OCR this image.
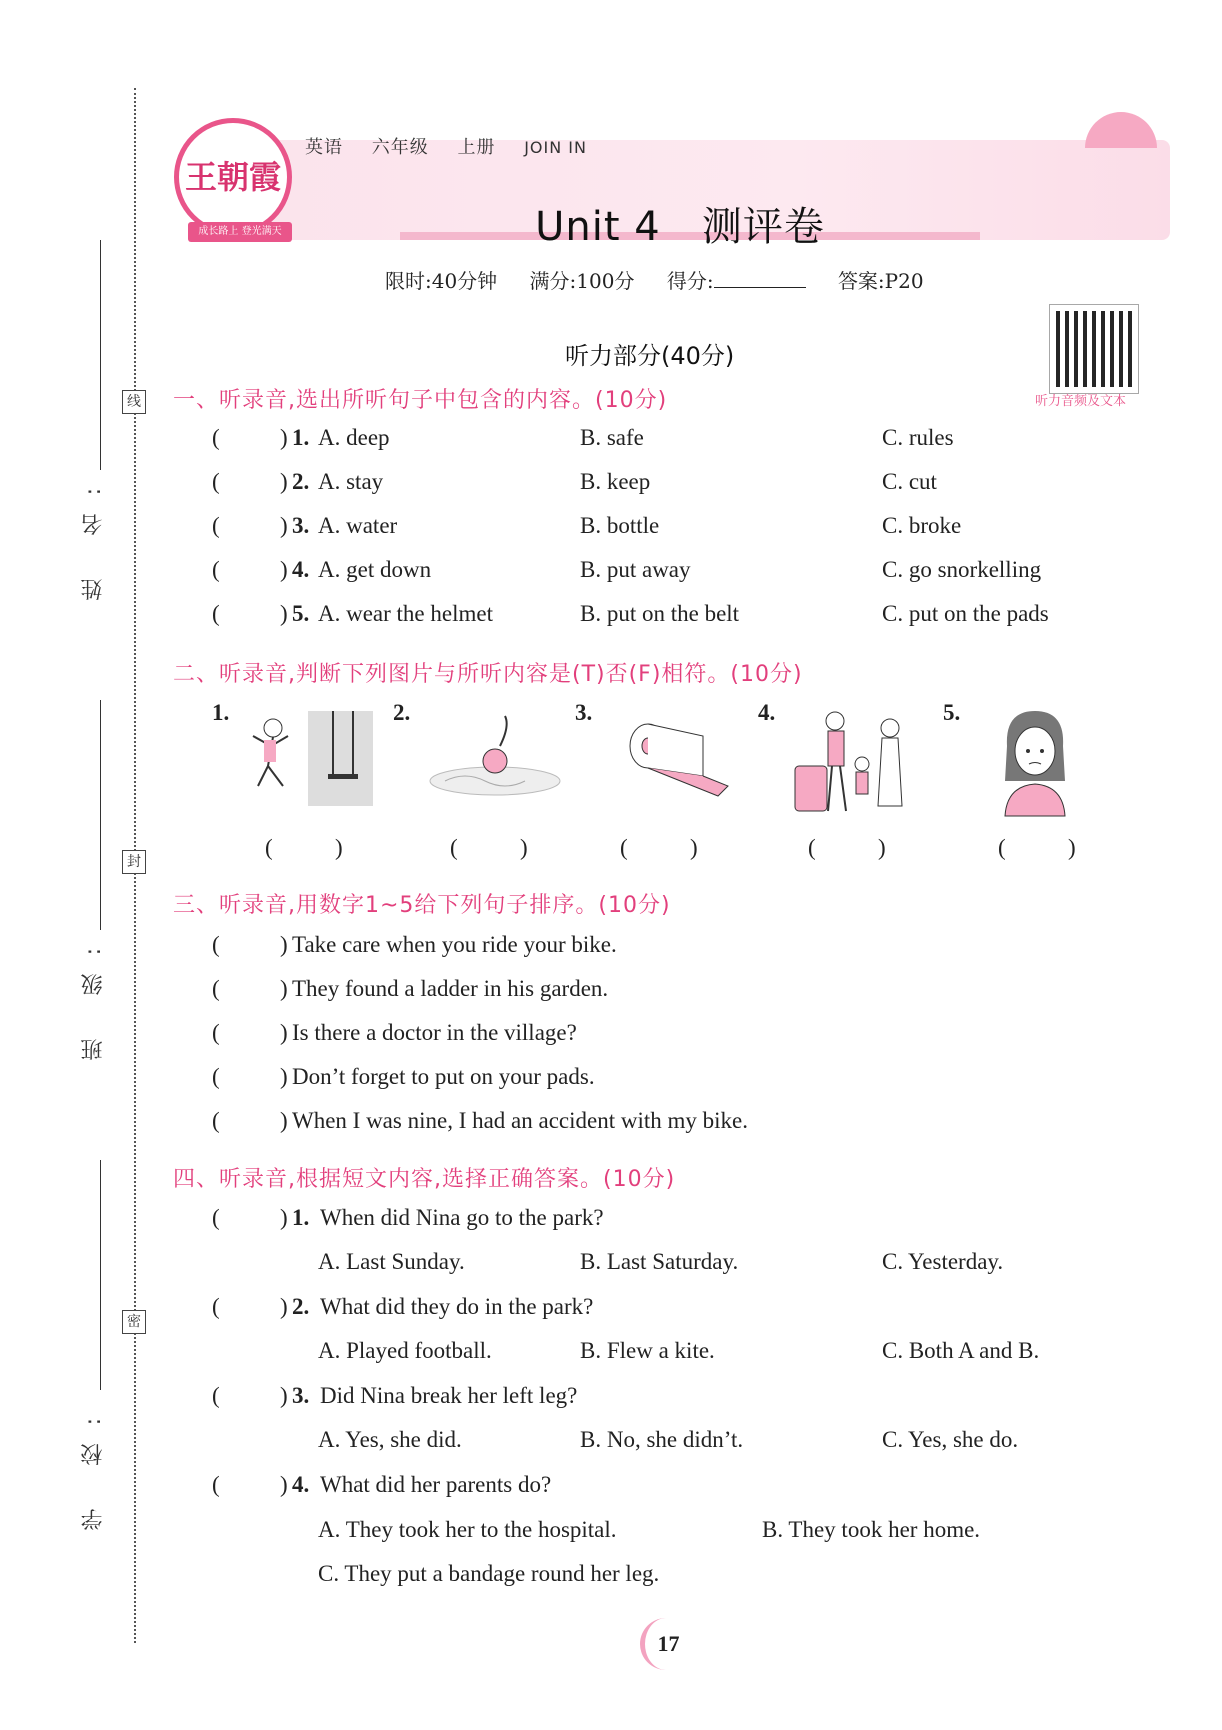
姓 名:
班 级:
学 校:
线
封
密
王朝霞
成长路上 登光满天
英语 六年级 上册 JOIN IN
Unit 4   测评卷
限时:40分钟 满分:100分 得分:	答案:P20
听力音频及文本
听力部分(40分)
一、听录音,选出所听句子中包含的内容。(10分)
(	) 1. A. deep	B. safe	C. rules
(	) 2. A. stay	B. keep	C. cut
(	) 3. A. water	B. bottle	C. broke
(	) 4. A. get down	B. put away	C. go snorkelling
(	) 5. A. wear the helmet	B. put on the belt	C. put on the pads
二、听录音,判断下列图片与所听内容是(T)否(F)相符。(10分)
1.	2.	3.	4.	5.
(	)	(	)	(	)	(	)	(	)
三、听录音,用数字1~5给下列句子排序。(10分)
(	) Take care when you ride your bike.
(	) They found a ladder in his garden.
(	) Is there a doctor in the village?
(	) Don’t forget to put on your pads.
(	) When I was nine, I had an accident with my bike.
四、听录音,根据短文内容,选择正确答案。(10分)
(	) 1. When did Nina go to the park?
A. Last Sunday.	B. Last Saturday.	C. Yesterday.
(	) 2. What did they do in the park?
A. Played football.	B. Flew a kite.	C. Both A and B.
(	) 3. Did Nina break her left leg?
A. Yes, she did.	B. No, she didn’t.	C. Yes, she do.
(	) 4. What did her parents do?
A. They took her to the hospital.	B. They took her home.
C. They put a bandage round her leg.
17
